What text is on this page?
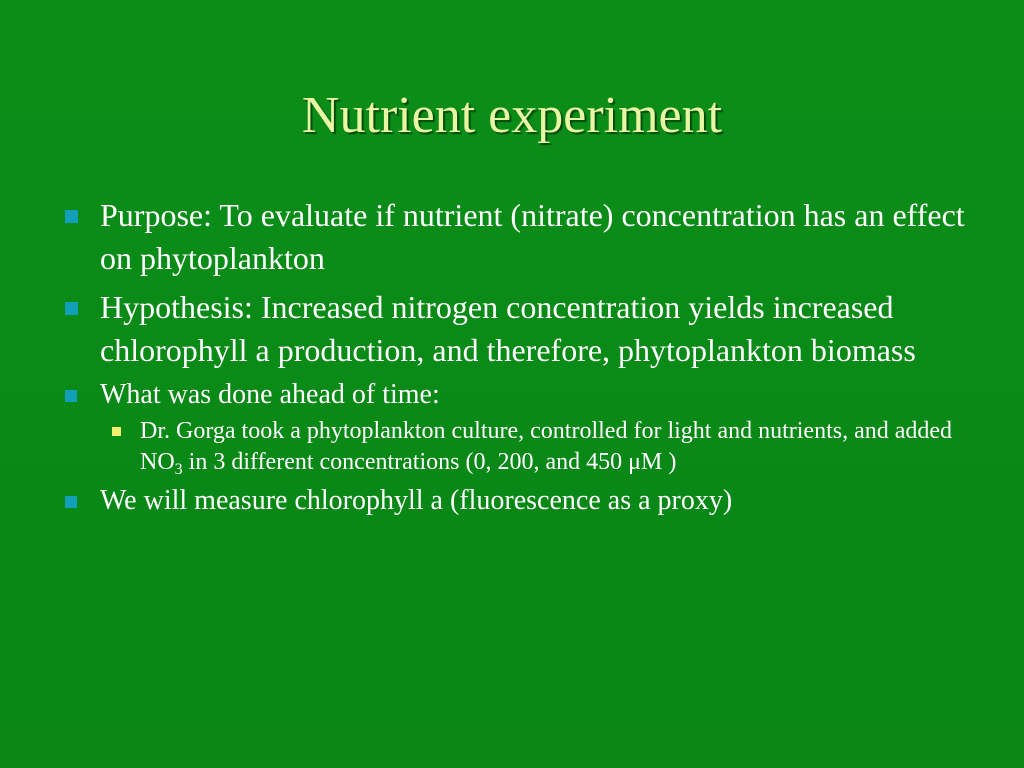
Nutrient experiment
Purpose: To evaluate if nutrient (nitrate) concentration has an effect on phytoplankton
Hypothesis: Increased nitrogen concentration yields increased chlorophyll a production, and therefore, phytoplankton biomass
What was done ahead of time:
Dr. Gorga took a phytoplankton culture, controlled for light and nutrients, and added $NO_3$ in 3 different concentrations (0, 200, and 450 μM )
We will measure chlorophyll a (fluorescence as a proxy)
